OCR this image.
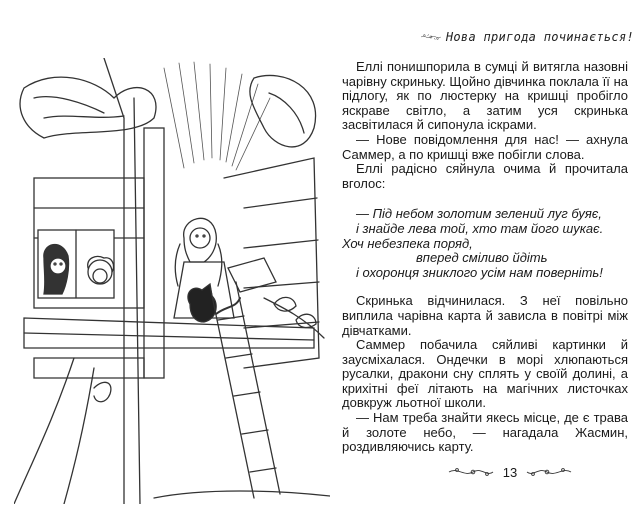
Нова пригода починається!

Еллі понишпорила в сумці й витягла назовні чарівну скриньку. Щойно дівчинка поклала її на підлогу, як по люстерку на кришці пробігло яскраве світло, а затим уся скринька засвітилася й сипонула іскрами.

— Нове повідомлення для нас! — ахнула Саммер, а по кришці вже побігли слова.

Еллі радісно сяйнула очима й прочитала вголос:

— Під небом золотим зелений луг буяє,
і знайде лева той, хто там його шукає.
Хоч небезпека поряд,
вперед сміливо йдіть
і охоронця зниклого усім нам поверніть!

Скринька відчинилася. З неї повільно виплила чарівна карта й зависла в повітрі між дівчатками.

Саммер побачила сяйливі картинки й заусміхалася. Ондечки в морі хлюпаються русалки, дракони сну сплять у своїй долині, а крихітні феї літають на магічних листочках довкруж льотної школи.

— Нам треба знайти якесь місце, де є трава й золоте небо, — нагадала Жасмин, роздивляючись карту.

13
